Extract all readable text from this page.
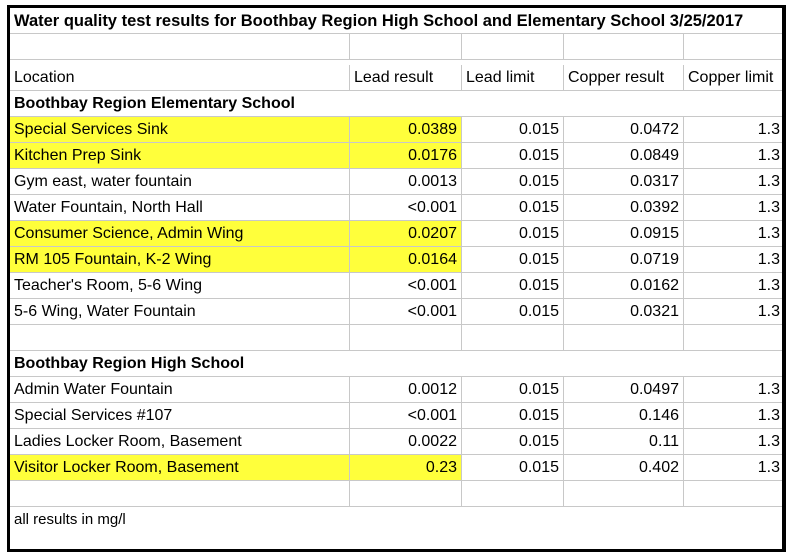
Water quality test results for Boothbay Region High School and Elementary School 3/25/2017
Location	Lead result	Lead limit	Copper result	Copper limit
Boothbay Region Elementary School
Special Services Sink	0.0389	0.015	0.0472	1.3
Kitchen Prep Sink	0.0176	0.015	0.0849	1.3
Gym east, water fountain	0.0013	0.015	0.0317	1.3
Water Fountain, North Hall	<0.001	0.015	0.0392	1.3
Consumer Science, Admin Wing	0.0207	0.015	0.0915	1.3
RM 105 Fountain, K-2 Wing	0.0164	0.015	0.0719	1.3
Teacher's Room, 5-6 Wing	<0.001	0.015	0.0162	1.3
5-6 Wing, Water Fountain	<0.001	0.015	0.0321	1.3
Boothbay Region High School
Admin Water Fountain	0.0012	0.015	0.0497	1.3
Special Services #107	<0.001	0.015	0.146	1.3
Ladies Locker Room, Basement	0.0022	0.015	0.11	1.3
Visitor Locker Room, Basement	0.23	0.015	0.402	1.3
all results in mg/l
